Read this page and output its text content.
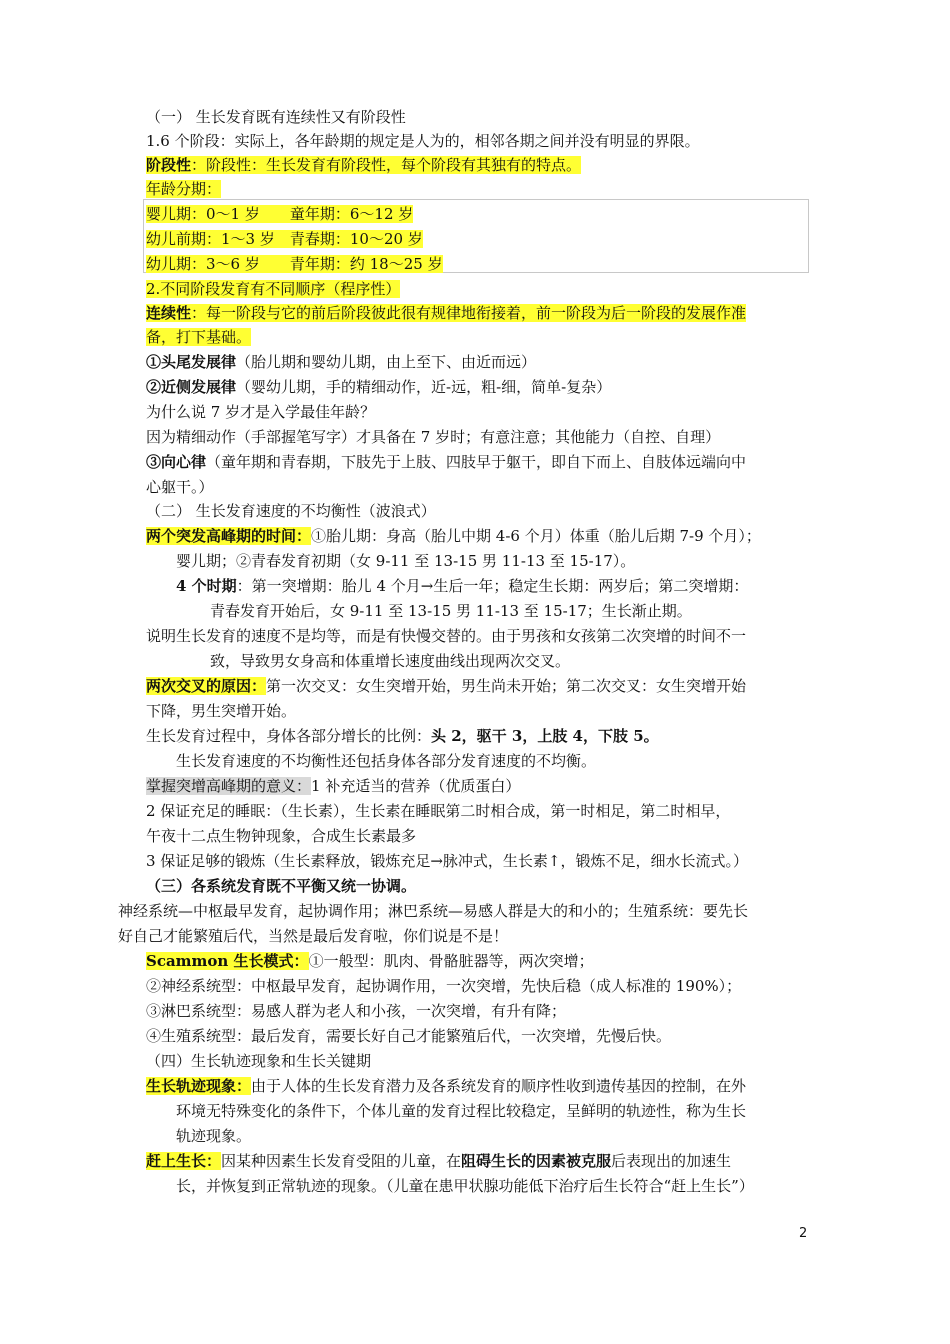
（一） 生长发育既有连续性又有阶段性
1.6 个阶段：实际上，各年龄期的规定是人为的，相邻各期之间并没有明显的界限。
阶段性：阶段性：生长发育有阶段性，每个阶段有其独有的特点。
年龄分期：
婴儿期：0～1 岁　　童年期：6～12 岁
幼儿前期：1～3 岁　青春期：10～20 岁
幼儿期：3～6 岁　　青年期：约 18～25 岁
2.不同阶段发育有不同顺序（程序性）
连续性：每一阶段与它的前后阶段彼此很有规律地衔接着，前一阶段为后一阶段的发展作准
备，打下基础。
①头尾发展律（胎儿期和婴幼儿期，由上至下、由近而远）
②近侧发展律（婴幼儿期，手的精细动作，近-远，粗-细，简单-复杂）
为什么说 7 岁才是入学最佳年龄？
因为精细动作（手部握笔写字）才具备在 7 岁时；有意注意；其他能力（自控、自理）
③向心律（童年期和青春期，下肢先于上肢、四肢早于躯干，即自下而上、自肢体远端向中
心躯干。）
（二） 生长发育速度的不均衡性（波浪式）
两个突发高峰期的时间：①胎儿期：身高（胎儿中期 4-6 个月）体重（胎儿后期 7-9 个月）；
婴儿期；②青春发育初期（女 9-11 至 13-15 男 11-13 至 15-17）。
4 个时期：第一突增期：胎儿 4 个月→生后一年；稳定生长期：两岁后；第二突增期：
青春发育开始后，女 9-11 至 13-15 男 11-13 至 15-17；生长渐止期。
说明生长发育的速度不是均等，而是有快慢交替的。由于男孩和女孩第二次突增的时间不一
致，导致男女身高和体重增长速度曲线出现两次交叉。
两次交叉的原因：第一次交叉：女生突增开始，男生尚未开始；第二次交叉：女生突增开始
下降，男生突增开始。
生长发育过程中，身体各部分增长的比例：头 2，驱干 3，上肢 4，下肢 5。
生长发育速度的不均衡性还包括身体各部分发育速度的不均衡。
掌握突增高峰期的意义：1 补充适当的营养（优质蛋白）
2 保证充足的睡眠：（生长素），生长素在睡眠第二时相合成，第一时相足，第二时相早，
午夜十二点生物钟现象，合成生长素最多
3 保证足够的锻炼（生长素释放，锻炼充足→脉冲式，生长素↑，锻炼不足，细水长流式。）
（三）各系统发育既不平衡又统一协调。
神经系统—中枢最早发育，起协调作用；淋巴系统—易感人群是大的和小的；生殖系统：要先长
好自己才能繁殖后代，当然是最后发育啦，你们说是不是！
Scammon 生长模式：①一般型：肌肉、骨骼脏器等，两次突增；
②神经系统型：中枢最早发育，起协调作用，一次突增，先快后稳（成人标准的 190%）；
③淋巴系统型：易感人群为老人和小孩，一次突增，有升有降；
④生殖系统型：最后发育，需要长好自己才能繁殖后代，一次突增，先慢后快。
（四）生长轨迹现象和生长关键期
生长轨迹现象：由于人体的生长发育潜力及各系统发育的顺序性收到遗传基因的控制，在外
环境无特殊变化的条件下，个体儿童的发育过程比较稳定，呈鲜明的轨迹性，称为生长
轨迹现象。
赶上生长：因某种因素生长发育受阻的儿童，在阻碍生长的因素被克服后表现出的加速生
长，并恢复到正常轨迹的现象。（儿童在患甲状腺功能低下治疗后生长符合“赶上生长”）
2
